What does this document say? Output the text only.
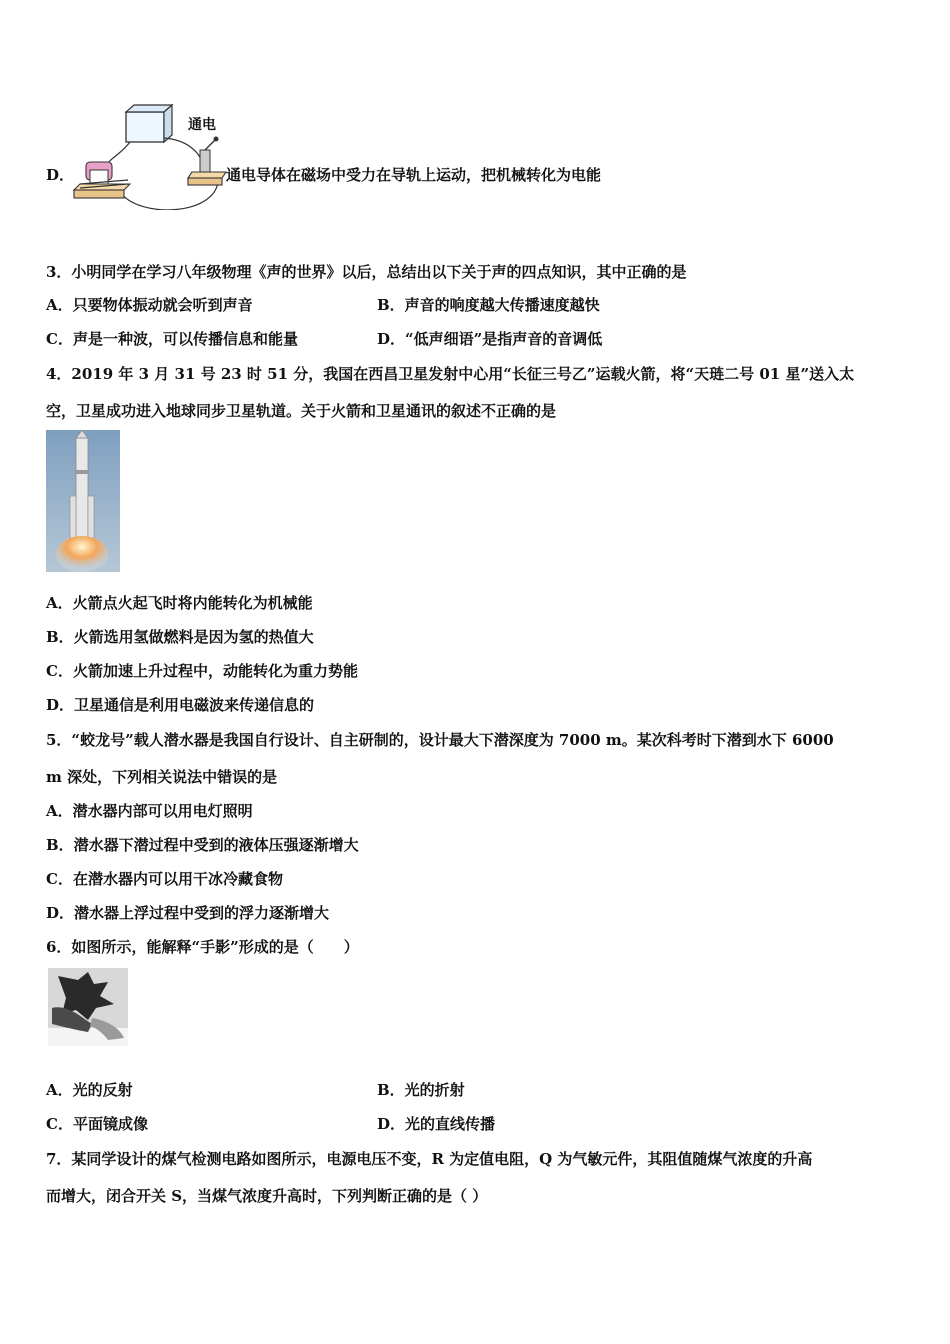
D．
通电
通电导体在磁场中受力在导轨上运动，把机械转化为电能
3．小明同学在学习八年级物理《声的世界》以后，总结出以下关于声的四点知识，其中正确的是
A．只要物体振动就会听到声音	B．声音的响度越大传播速度越快
C．声是一种波，可以传播信息和能量	D．“低声细语”是指声音的音调低
4．2019 年 3 月 31 号 23 时 51 分，我国在西昌卫星发射中心用“长征三号乙”运载火箭，将“天琏二号 01 星”送入太
空，卫星成功进入地球同步卫星轨道。关于火箭和卫星通讯的叙述不正确的是
A．火箭点火起飞时将内能转化为机械能
B．火箭选用氢做燃料是因为氢的热值大
C．火箭加速上升过程中，动能转化为重力势能
D．卫星通信是利用电磁波来传递信息的
5．“蛟龙号”载人潜水器是我国自行设计、自主研制的，设计最大下潜深度为 7000 m。某次科考时下潜到水下 6000
m 深处，下列相关说法中错误的是
A．潜水器内部可以用电灯照明
B．潜水器下潜过程中受到的液体压强逐渐增大
C．在潜水器内可以用干冰冷藏食物
D．潜水器上浮过程中受到的浮力逐渐增大
6．如图所示，能解释“手影”形成的是（　　）
A．光的反射	B．光的折射
C．平面镜成像	D．光的直线传播
7．某同学设计的煤气检测电路如图所示，电源电压不变，R 为定值电阻，Q 为气敏元件，其阻值随煤气浓度的升高
而增大，闭合开关 S，当煤气浓度升高时，下列判断正确的是（ ）
